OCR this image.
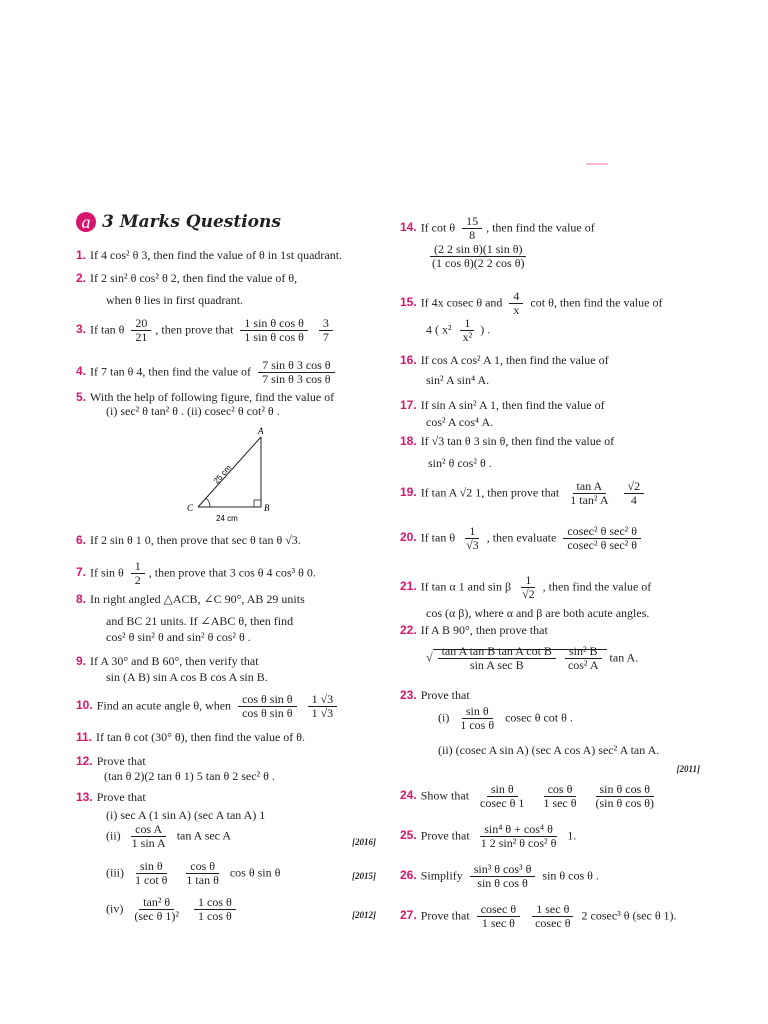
a 3 Marks Questions
1. If 4 cos² θ 3, then find the value of θ in 1st quadrant.
2. If 2 sin² θ cos² θ 2, then find the value of θ,
when θ lies in first quadrant.
3. If tan θ $\frac{20}{21}$ , then prove that $\frac{\text{1 sin θ cos θ}}{\text{1 sin θ cos θ}}$
$\frac{3}{7}$
4. If 7 tan θ 4, then find the value of $\frac{\text{7 sin θ 3 cos θ}}{\text{7 sin θ 3 cos θ}}$
5. With the help of following figure, find the value of
(i) sec² θ tan² θ . (ii) cosec² θ cot² θ .
6. If 2 sin θ 1 0, then prove that sec θ tan θ √3.
7. If sin θ $\frac{1}{2}$ , then prove that 3 cos θ 4 cos³ θ 0.
8. In right angled △ACB, ∠C 90°, AB 29 units
and BC 21 units. If ∠ABC θ, then find
cos² θ sin² θ and sin² θ cos² θ .
9. If A 30° and B 60°, then verify that
sin (A B) sin A cos B cos A sin B.
10. Find an acute angle θ, when $\frac{\text{cos θ sin θ}}{\text{cos θ sin θ}}$
$\frac{1 √3}{1 √3}$
11. If tan θ cot (30° θ), then find the value of θ.
12. Prove that
(tan θ 2)(2 tan θ 1) 5 tan θ 2 sec² θ .
13. Prove that
(i) sec A (1 sin A) (sec A tan A) 1
$(ii) \frac{\text{cos A}}{\text{1 sin A}}$ tan A sec A	[2016]
$(iii) \frac{\text{sin θ}}{\text{1 cot θ}}$
$\frac{\text{cos θ}}{\text{1 tan θ}}$ cos θ sin θ	[2015]
$(iv) \frac{\text{tan² θ}}{\text{(sec θ 1)²}}$
$\frac{\text{1 cos θ}}{\text{1 cos θ}}$	[2012]
A
B
C
25 cm
24 cm
14. If cot θ $\frac{15}{8}$ , then find the value of
$\frac{\text{(2 2 sin θ)(1 sin θ)}}{\text{(1 cos θ)(2 2 cos θ)}}$
15. If 4x cosec θ and $\frac{4}{x}$ cot θ, then find the value of
4 ( $x^2 \frac{1}{\text{x²}}$ ) .
16. If cos A cos² A 1, then find the value of
sin² A sin⁴ A.
17. If sin A sin² A 1, then find the value of
cos² A cos⁴ A.
18. If √3 tan θ 3 sin θ, then find the value of
sin² θ cos² θ .
19. If tan A √2 1, then prove that $\frac{\text{tan A}}{\text{1 tan² A}}$
$\frac{√2}{4}$
20. If tan θ $\frac{1}{√3}$ , then evaluate $\frac{\text{cosec² θ sec² θ}}{\text{cosec² θ sec² θ}}$
21. If tan α 1 and sin β $\frac{1}{√2}$ , then find the value of
cos (α β), where α and β are both acute angles.
22. If A B 90°, then prove that
√ $\frac{\text{tan A tan B tan A cot B}}{\text{sin A sec B}} \frac{\text{sin² B}}{\text{cos² A}}$ tan A.
23. Prove that
$(i) \frac{\text{sin θ}}{\text{1 cos θ}}$ cosec θ cot θ .
(ii) (cosec A sin A) (sec A cos A) sec² A tan A.
[2011]
24. Show that $\frac{\text{sin θ}}{\text{cosec θ 1}}$
$\frac{\text{cos θ}}{\text{1 sec θ}}$
$\frac{\text{sin θ cos θ}}{\text{(sin θ cos θ)}}$
25. Prove that $\frac{\text{sin⁴ θ + cos⁴ θ}}{\text{1 2 sin² θ cos² θ}} 1$.
26. Simplify $\frac{\text{sin³ θ cos³ θ}}{\text{sin θ cos θ}}$ sin θ cos θ .
27. Prove that $\frac{\text{cosec θ}}{\text{1 sec θ}}$
$\frac{\text{1 sec θ}}{\text{cosec θ}} 2$ cosec³ θ (sec θ 1).
